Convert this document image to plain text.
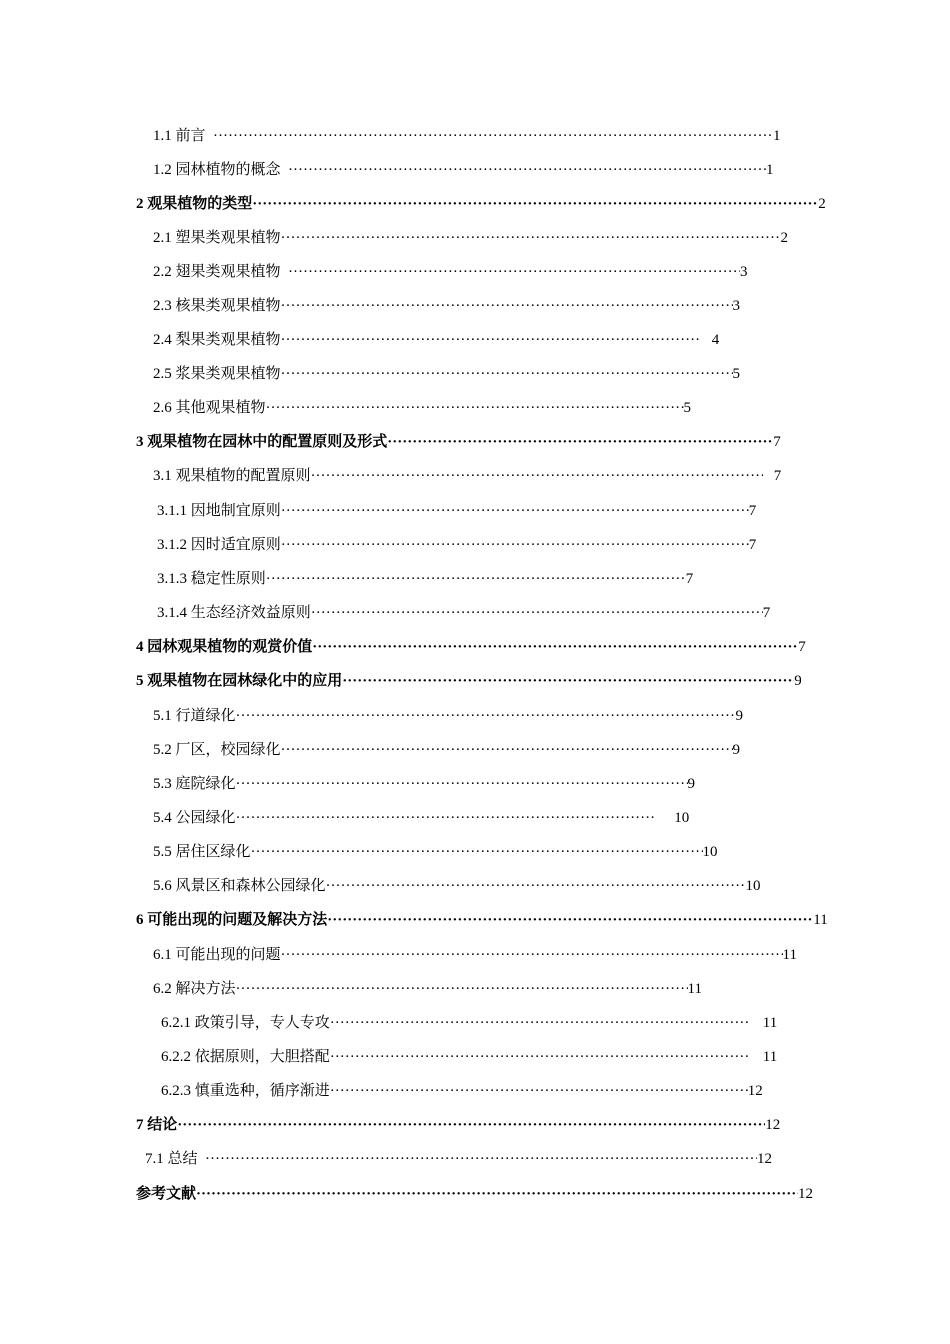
1.1 前言 ·····	1
1.2 园林植物的概念 ·····	1
2 观果植物的类型 ·····	2
2.1 塑果类观果植物 ·····	2
2.2 翅果类观果植物 ·····	3
2.3 核果类观果植物 ·····	3
2.4 梨果类观果植物 ·····	4
2.5 浆果类观果植物 ·····	5
2.6 其他观果植物 ·····	5
3 观果植物在园林中的配置原则及形式 ·····	7
3.1 观果植物的配置原则 ·····	7
3.1.1 因地制宜原则 ·····	7
3.1.2 因时适宜原则 ·····	7
3.1.3 稳定性原则 ·····	7
3.1.4 生态经济效益原则 ·····	7
4 园林观果植物的观赏价值 ·····	7
5 观果植物在园林绿化中的应用 ·····	9
5.1 行道绿化 ·····	9
5.2 厂区，校园绿化 ·····	9
5.3 庭院绿化 ·····	9
5.4 公园绿化 ·····	10
5.5 居住区绿化 ·····	10
5.6 风景区和森林公园绿化 ·····	10
6 可能出现的问题及解决方法 ·····	11
6.1 可能出现的问题 ·····	11
6.2 解决方法 ·····	11
6.2.1 政策引导，专人专攻 ·····	11
6.2.2 依据原则，大胆搭配 ·····	11
6.2.3 慎重选种，循序渐进 ·····	12
7 结论 ·····	12
7.1 总结 ·····	12
参考文献 ·····	12
